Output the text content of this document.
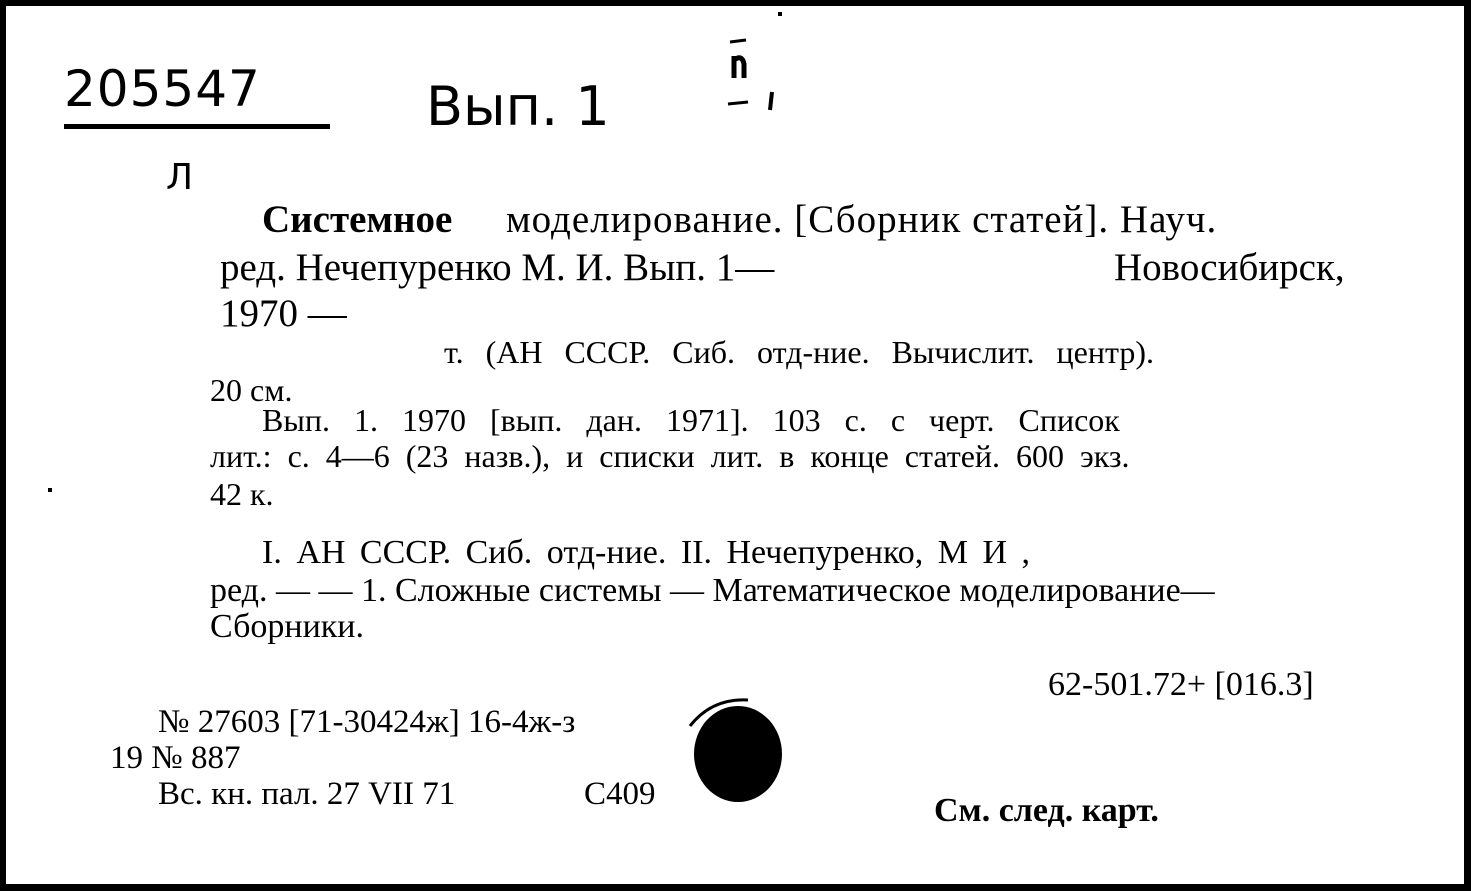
205547	Вып. 1
Л
Системное моделирование. [Сборник статей]. Науч.
ред. Нечепуренко М. И. Вып. 1—	Новосибирск,
1970 —
т. (АН СССР. Сиб. отд-ние. Вычислит. центр).
20 см.
Вып. 1. 1970 [вып. дан. 1971]. 103 с. с черт. Список
лит.: с. 4—6 (23 назв.), и списки лит. в конце статей. 600 экз.
42 к.
I. АН СССР. Сиб. отд-ние. II. Нечепуренко, М И ,
ред. — — 1. Сложные системы — Математическое моделирование—
Сборники.
62-501.72+ [016.3]
№ 27603 [71-30424ж] 16-4ж-з
19 № 887
Вс. кн. пал. 27 VII 71	С409	См. след. карт.
